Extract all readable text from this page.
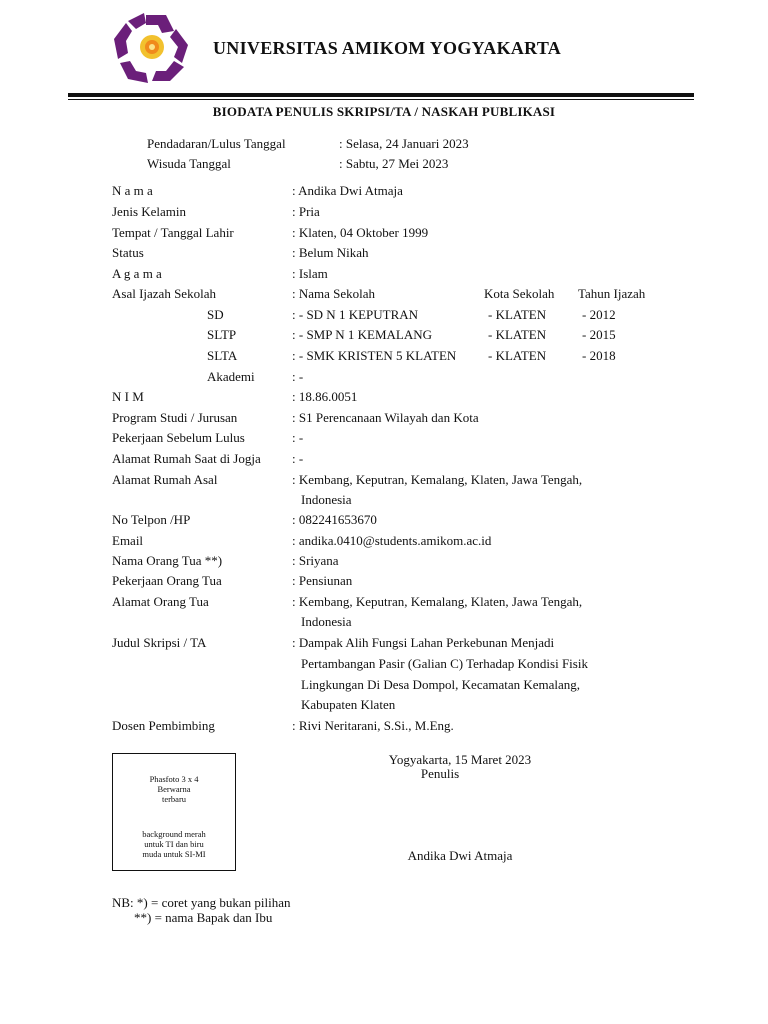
UNIVERSITAS AMIKOM YOGYAKARTA
BIODATA PENULIS SKRIPSI/TA / NASKAH PUBLIKASI
Pendadaran/Lulus Tanggal	: Selasa, 24 Januari 2023
Wisuda Tanggal	: Sabtu, 27 Mei 2023
N a m a	: Andika Dwi Atmaja
Jenis Kelamin	: Pria
Tempat / Tanggal Lahir	: Klaten, 04 Oktober 1999
Status	: Belum Nikah
A g a m a	: Islam
Asal Ijazah Sekolah	: Nama Sekolah	Kota Sekolah Tahun Ijazah
SD	: - SD N 1 KEPUTRAN	- KLATEN	- 2012
SLTP	: - SMP N 1 KEMALANG	- KLATEN	- 2015
SLTA	: - SMK KRISTEN 5 KLATEN - KLATEN	- 2018
Akademi	: -
N I M	: 18.86.0051
Program Studi / Jurusan	: S1 Perencanaan Wilayah dan Kota
Pekerjaan Sebelum Lulus	: -
Alamat Rumah Saat di Jogja : -
Alamat Rumah Asal	: Kembang, Keputran, Kemalang, Klaten, Jawa Tengah,
Indonesia
No Telpon /HP	: 082241653670
Email	: andika.0410@students.amikom.ac.id
Nama Orang Tua **)	: Sriyana
Pekerjaan Orang Tua	: Pensiunan
Alamat Orang Tua	: Kembang, Keputran, Kemalang, Klaten, Jawa Tengah,
Indonesia
Judul Skripsi / TA	: Dampak Alih Fungsi Lahan Perkebunan Menjadi
Pertambangan Pasir (Galian C) Terhadap Kondisi Fisik
Lingkungan Di Desa Dompol, Kecamatan Kemalang,
Kabupaten Klaten
Dosen Pembimbing	: Rivi Neritarani, S.Si., M.Eng.
Phasfoto 3 x 4
Berwarna
terbaru
background merah
untuk TI dan biru
muda untuk SI-MI
Yogyakarta, 15 Maret 2023
Penulis
Andika Dwi Atmaja
NB: *) = coret yang bukan pilihan
**) = nama Bapak dan Ibu
